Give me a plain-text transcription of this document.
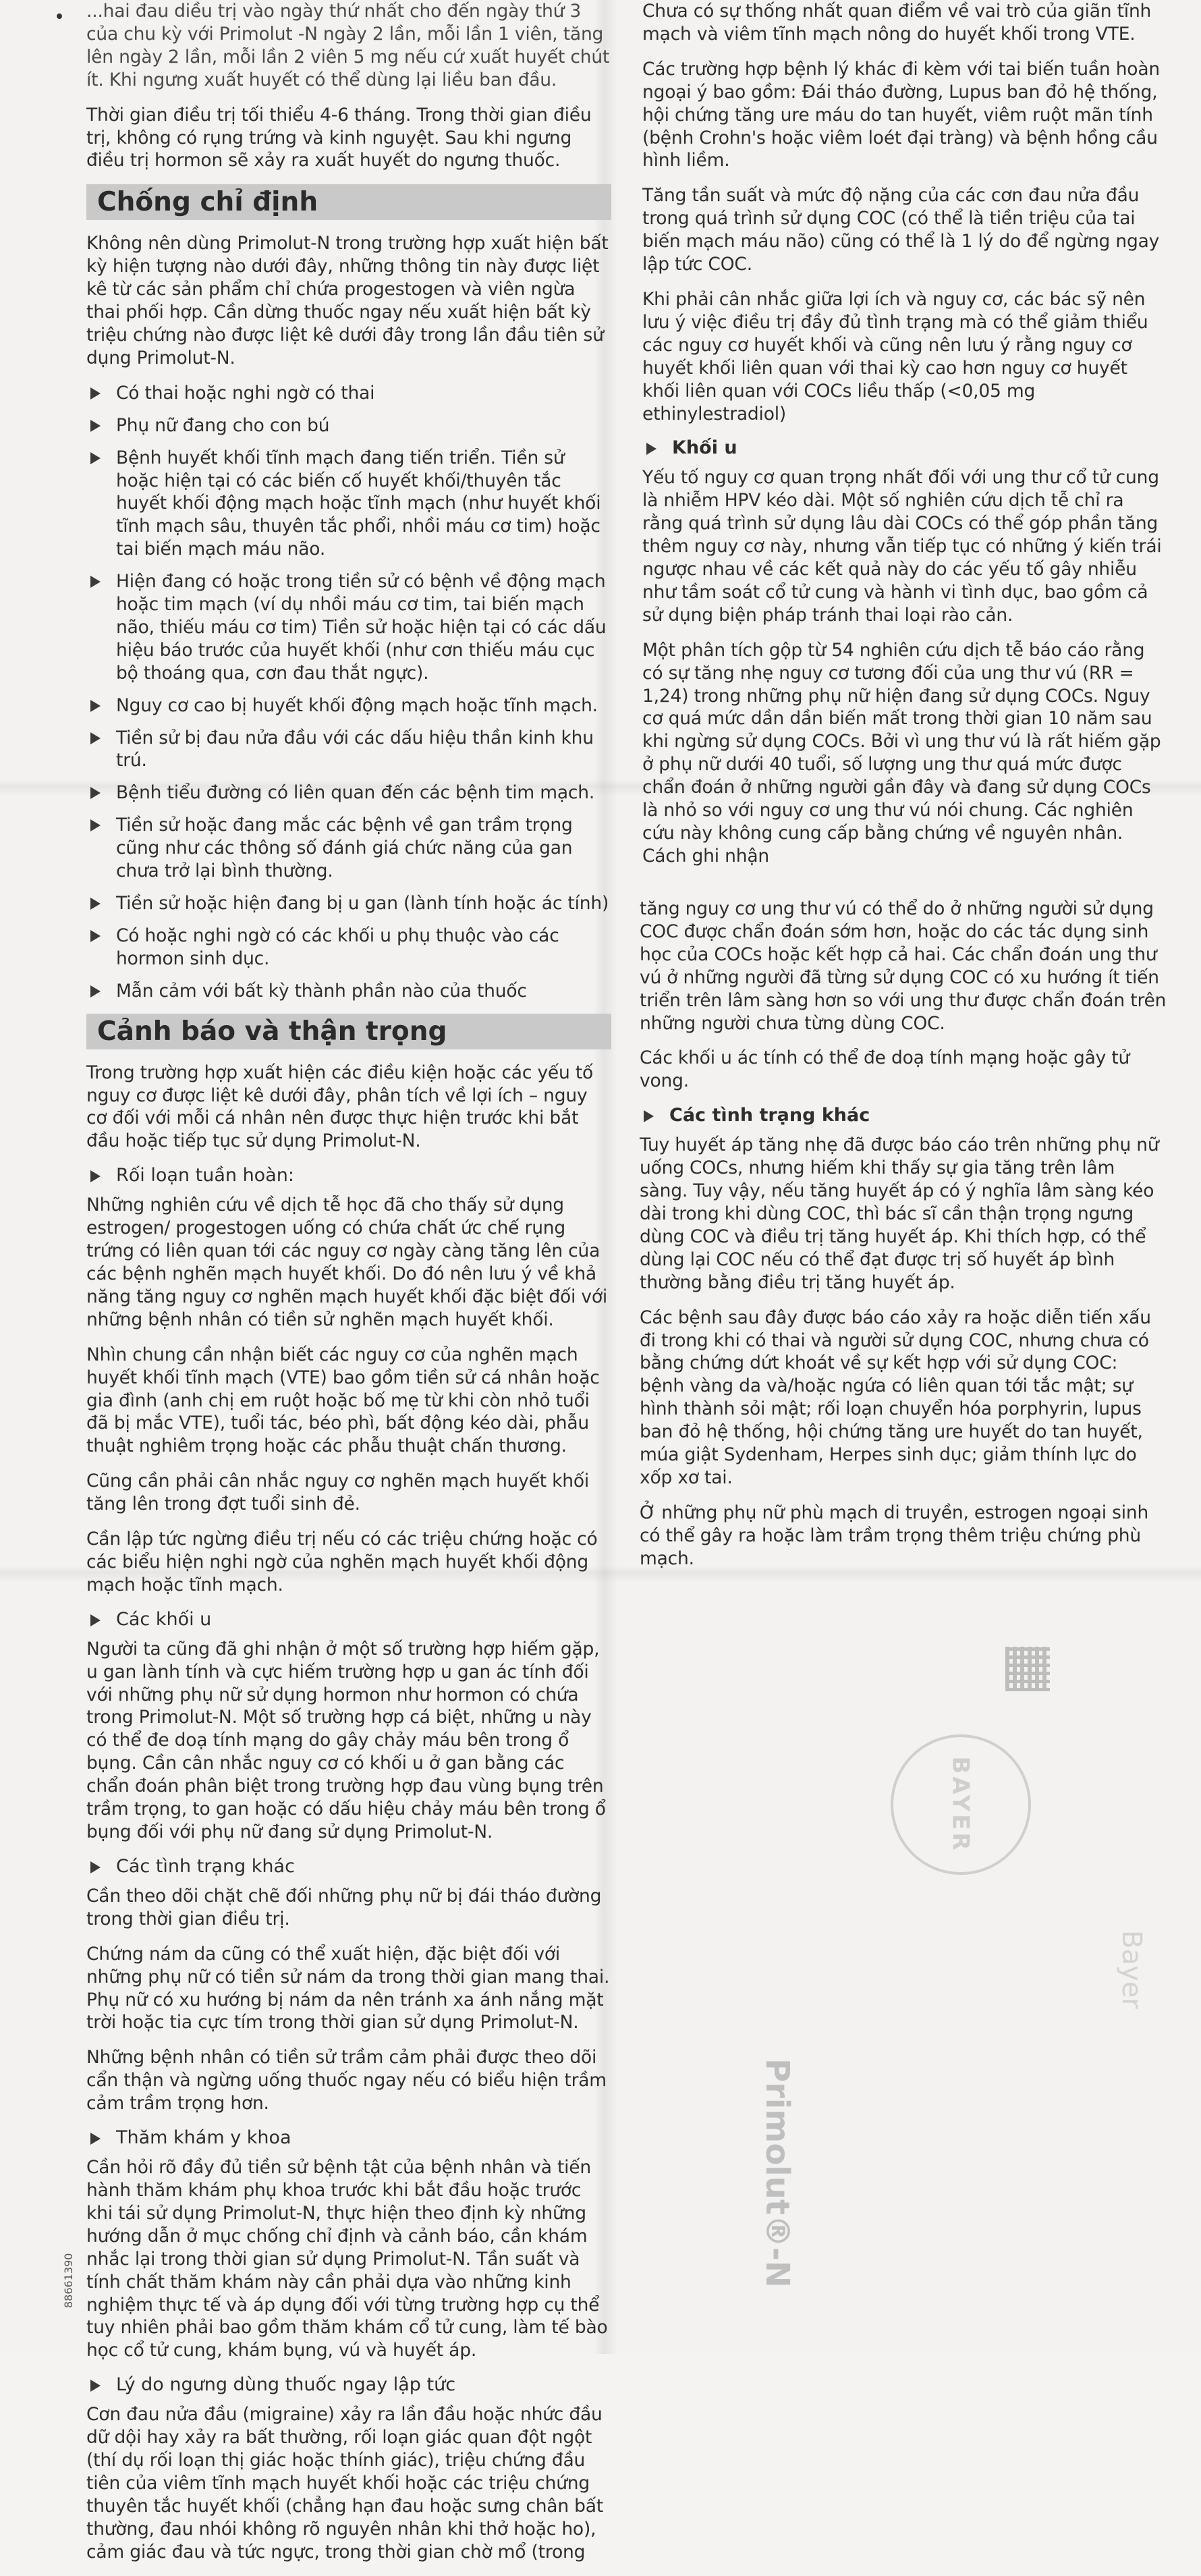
...hai đau diều trị vào ngày thứ nhất cho đến ngày thứ 3 của chu kỳ với Primolut -N ngày 2 lần, mỗi lần 1 viên, tăng lên ngày 2 lần, mỗi lần 2 viên 5 mg nếu cứ xuất huyết chút ít. Khi ngưng xuất huyết có thể dùng lại liều ban đầu.

Thời gian điều trị tối thiểu 4-6 tháng. Trong thời gian điều trị, không có rụng trứng và kinh nguyệt. Sau khi ngưng điều trị hormon sẽ xảy ra xuất huyết do ngưng thuốc.

Chống chỉ định

Không nên dùng Primolut-N trong trường hợp xuất hiện bất kỳ hiện tượng nào dưới đây, những thông tin này được liệt kê từ các sản phẩm chỉ chứa progestogen và viên ngừa thai phối hợp. Cần dừng thuốc ngay nếu xuất hiện bất kỳ triệu chứng nào được liệt kê dưới đây trong lần đầu tiên sử dụng Primolut-N.

Có thai hoặc nghi ngờ có thai
Phụ nữ đang cho con bú
Bệnh huyết khối tĩnh mạch đang tiến triển. Tiền sử hoặc hiện tại có các biến cố huyết khối/thuyên tắc huyết khối động mạch hoặc tĩnh mạch (như huyết khối tĩnh mạch sâu, thuyên tắc phổi, nhồi máu cơ tim) hoặc tai biến mạch máu não.
Hiện đang có hoặc trong tiền sử có bệnh về động mạch hoặc tim mạch (ví dụ nhồi máu cơ tim, tai biến mạch não, thiếu máu cơ tim) Tiền sử hoặc hiện tại có các dấu hiệu báo trước của huyết khối (như cơn thiếu máu cục bộ thoáng qua, cơn đau thắt ngực).
Nguy cơ cao bị huyết khối động mạch hoặc tĩnh mạch.
Tiền sử bị đau nửa đầu với các dấu hiệu thần kinh khu trú.
Bệnh tiểu đường có liên quan đến các bệnh tim mạch.
Tiền sử hoặc đang mắc các bệnh về gan trầm trọng cũng như các thông số đánh giá chức năng của gan chưa trở lại bình thường.
Tiền sử hoặc hiện đang bị u gan (lành tính hoặc ác tính)
Có hoặc nghi ngờ có các khối u phụ thuộc vào các hormon sinh dục.
Mẫn cảm với bất kỳ thành phần nào của thuốc
Cảnh báo và thận trọng

Trong trường hợp xuất hiện các điều kiện hoặc các yếu tố nguy cơ được liệt kê dưới đây, phân tích về lợi ích – nguy cơ đối với mỗi cá nhân nên được thực hiện trước khi bắt đầu hoặc tiếp tục sử dụng Primolut-N.

Rối loạn tuần hoàn:

Những nghiên cứu về dịch tễ học đã cho thấy sử dụng estrogen/ progestogen uống có chứa chất ức chế rụng trứng có liên quan tới các nguy cơ ngày càng tăng lên của các bệnh nghẽn mạch huyết khối. Do đó nên lưu ý về khả năng tăng nguy cơ nghẽn mạch huyết khối đặc biệt đối với những bệnh nhân có tiền sử nghẽn mạch huyết khối.

Nhìn chung cần nhận biết các nguy cơ của nghẽn mạch huyết khối tĩnh mạch (VTE) bao gồm tiền sử cá nhân hoặc gia đình (anh chị em ruột hoặc bố mẹ từ khi còn nhỏ tuổi đã bị mắc VTE), tuổi tác, béo phì, bất động kéo dài, phẫu thuật nghiêm trọng hoặc các phẫu thuật chấn thương.

Cũng cần phải cân nhắc nguy cơ nghẽn mạch huyết khối tăng lên trong đợt tuổi sinh đẻ.

Cần lập tức ngừng điều trị nếu có các triệu chứng hoặc có các biểu hiện nghi ngờ của nghẽn mạch huyết khối động mạch hoặc tĩnh mạch.

Các khối u

Người ta cũng đã ghi nhận ở một số trường hợp hiếm gặp, u gan lành tính và cực hiếm trường hợp u gan ác tính đối với những phụ nữ sử dụng hormon như hormon có chứa trong Primolut-N. Một số trường hợp cá biệt, những u này có thể đe doạ tính mạng do gây chảy máu bên trong ổ bụng. Cần cân nhắc nguy cơ có khối u ở gan bằng các chẩn đoán phân biệt trong trường hợp đau vùng bụng trên trầm trọng, to gan hoặc có dấu hiệu chảy máu bên trong ổ bụng đối với phụ nữ đang sử dụng Primolut-N.

Các tình trạng khác

Cần theo dõi chặt chẽ đối những phụ nữ bị đái tháo đường trong thời gian điều trị.

Chứng nám da cũng có thể xuất hiện, đặc biệt đối với những phụ nữ có tiền sử nám da trong thời gian mang thai. Phụ nữ có xu hướng bị nám da nên tránh xa ánh nắng mặt trời hoặc tia cực tím trong thời gian sử dụng Primolut-N.

Những bệnh nhân có tiền sử trầm cảm phải được theo dõi cẩn thận và ngừng uống thuốc ngay nếu có biểu hiện trầm cảm trầm trọng hơn.

Thăm khám y khoa

Cần hỏi rõ đầy đủ tiền sử bệnh tật của bệnh nhân và tiến hành thăm khám phụ khoa trước khi bắt đầu hoặc trước khi tái sử dụng Primolut-N, thực hiện theo định kỳ những hướng dẫn ở mục chống chỉ định và cảnh báo, cần khám nhắc lại trong thời gian sử dụng Primolut-N. Tần suất và tính chất thăm khám này cần phải dựa vào những kinh nghiệm thực tế và áp dụng đối với từng trường hợp cụ thể tuy nhiên phải bao gồm thăm khám cổ tử cung, làm tế bào học cổ tử cung, khám bụng, vú và huyết áp.

Lý do ngưng dùng thuốc ngay lập tức

Cơn đau nửa đầu (migraine) xảy ra lần đầu hoặc nhức đầu dữ dội hay xảy ra bất thường, rối loạn giác quan đột ngột (thí dụ rối loạn thị giác hoặc thính giác), triệu chứng đầu tiên của viêm tĩnh mạch huyết khối hoặc các triệu chứng thuyên tắc huyết khối (chẳng hạn đau hoặc sưng chân bất thường, đau nhói không rõ nguyên nhân khi thở hoặc ho), cảm giác đau và tức ngực, trong thời gian chờ mổ (trong

Chưa có sự thống nhất quan điểm về vai trò của giãn tĩnh mạch và viêm tĩnh mạch nông do huyết khối trong VTE.

Các trường hợp bệnh lý khác đi kèm với tai biến tuần hoàn ngoại ý bao gồm: Đái tháo đường, Lupus ban đỏ hệ thống, hội chứng tăng ure máu do tan huyết, viêm ruột mãn tính (bệnh Crohn's hoặc viêm loét đại tràng) và bệnh hồng cầu hình liềm.

Tăng tần suất và mức độ nặng của các cơn đau nửa đầu trong quá trình sử dụng COC (có thể là tiền triệu của tai biến mạch máu não) cũng có thể là 1 lý do để ngừng ngay lập tức COC.

Khi phải cân nhắc giữa lợi ích và nguy cơ, các bác sỹ nên lưu ý việc điều trị đầy đủ tình trạng mà có thể giảm thiểu các nguy cơ huyết khối và cũng nên lưu ý rằng nguy cơ huyết khối liên quan với thai kỳ cao hơn nguy cơ huyết khối liên quan với COCs liều thấp (<0,05 mg ethinylestradiol)

Khối u

Yếu tố nguy cơ quan trọng nhất đối với ung thư cổ tử cung là nhiễm HPV kéo dài. Một số nghiên cứu dịch tễ chỉ ra rằng quá trình sử dụng lâu dài COCs có thể góp phần tăng thêm nguy cơ này, nhưng vẫn tiếp tục có những ý kiến trái ngược nhau về các kết quả này do các yếu tố gây nhiễu như tầm soát cổ tử cung và hành vi tình dục, bao gồm cả sử dụng biện pháp tránh thai loại rào cản.

Một phân tích gộp từ 54 nghiên cứu dịch tễ báo cáo rằng có sự tăng nhẹ nguy cơ tương đối của ung thư vú (RR = 1,24) trong những phụ nữ hiện đang sử dụng COCs. Nguy cơ quá mức dần dần biến mất trong thời gian 10 năm sau khi ngừng sử dụng COCs. Bởi vì ung thư vú là rất hiếm gặp ở phụ nữ dưới 40 tuổi, số lượng ung thư quá mức được chẩn đoán ở những người gần đây và đang sử dụng COCs là nhỏ so với nguy cơ ung thư vú nói chung. Các nghiên cứu này không cung cấp bằng chứng về nguyên nhân. Cách ghi nhận

tăng nguy cơ ung thư vú có thể do ở những người sử dụng COC được chẩn đoán sớm hơn, hoặc do các tác dụng sinh học của COCs hoặc kết hợp cả hai. Các chẩn đoán ung thư vú ở những người đã từng sử dụng COC có xu hướng ít tiến triển trên lâm sàng hơn so với ung thư được chẩn đoán trên những người chưa từng dùng COC.

Các khối u ác tính có thể đe doạ tính mạng hoặc gây tử vong.

Các tình trạng khác

Tuy huyết áp tăng nhẹ đã được báo cáo trên những phụ nữ uống COCs, nhưng hiếm khi thấy sự gia tăng trên lâm sàng. Tuy vậy, nếu tăng huyết áp có ý nghĩa lâm sàng kéo dài trong khi dùng COC, thì bác sĩ cần thận trọng ngưng dùng COC và điều trị tăng huyết áp. Khi thích hợp, có thể dùng lại COC nếu có thể đạt được trị số huyết áp bình thường bằng điều trị tăng huyết áp.

Các bệnh sau đây được báo cáo xảy ra hoặc diễn tiến xấu đi trong khi có thai và người sử dụng COC, nhưng chưa có bằng chứng dứt khoát về sự kết hợp với sử dụng COC: bệnh vàng da và/hoặc ngứa có liên quan tới tắc mật; sự hình thành sỏi mật; rối loạn chuyển hóa porphyrin, lupus ban đỏ hệ thống, hội chứng tăng ure huyết do tan huyết, múa giật Sydenham, Herpes sinh dục; giảm thính lực do xốp xơ tai.

Ở những phụ nữ phù mạch di truyền, estrogen ngoại sinh có thể gây ra hoặc làm trầm trọng thêm triệu chứng phù mạch.

BAYER
Primolut®-N
Bayer
88661390
